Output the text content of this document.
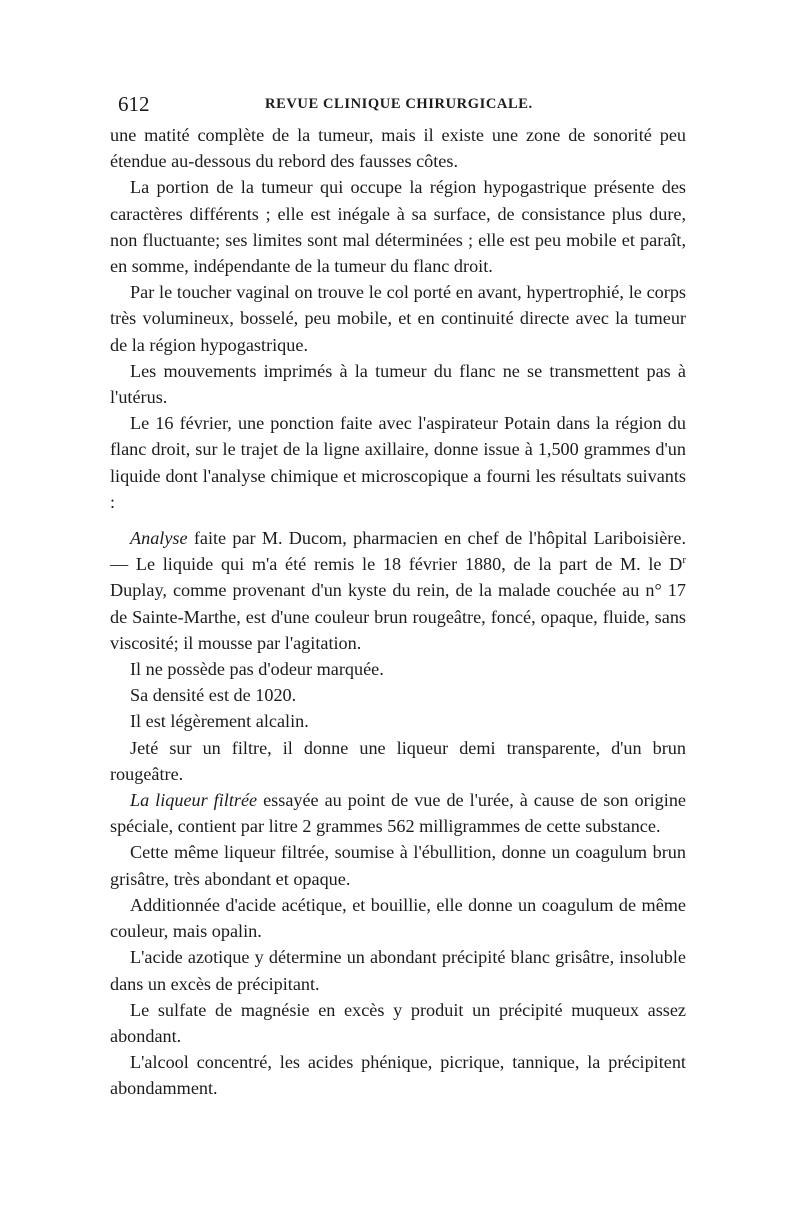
612	REVUE CLINIQUE CHIRURGICALE.

une matité complète de la tumeur, mais il existe une zone de sonorité peu étendue au-dessous du rebord des fausses côtes.

La portion de la tumeur qui occupe la région hypogastrique présente des caractères différents ; elle est inégale à sa surface, de consistance plus dure, non fluctuante; ses limites sont mal déterminées ; elle est peu mobile et paraît, en somme, indépendante de la tumeur du flanc droit.

Par le toucher vaginal on trouve le col porté en avant, hypertrophié, le corps très volumineux, bosselé, peu mobile, et en continuité directe avec la tumeur de la région hypogastrique.

Les mouvements imprimés à la tumeur du flanc ne se transmettent pas à l'utérus.

Le 16 février, une ponction faite avec l'aspirateur Potain dans la région du flanc droit, sur le trajet de la ligne axillaire, donne issue à 1,500 grammes d'un liquide dont l'analyse chimique et microscopique a fourni les résultats suivants :

Analyse faite par M. Ducom, pharmacien en chef de l'hôpital Lariboisière. — Le liquide qui m'a été remis le 18 février 1880, de la part de M. le $D^r$ Duplay, comme provenant d'un kyste du rein, de la malade couchée au n° 17 de Sainte-Marthe, est d'une couleur brun rougeâtre, foncé, opaque, fluide, sans viscosité; il mousse par l'agitation.

Il ne possède pas d'odeur marquée.

Sa densité est de 1020.

Il est légèrement alcalin.

Jeté sur un filtre, il donne une liqueur demi transparente, d'un brun rougeâtre.

La liqueur filtrée essayée au point de vue de l'urée, à cause de son origine spéciale, contient par litre 2 grammes 562 milligrammes de cette substance.

Cette même liqueur filtrée, soumise à l'ébullition, donne un coagulum brun grisâtre, très abondant et opaque.

Additionnée d'acide acétique, et bouillie, elle donne un coagulum de même couleur, mais opalin.

L'acide azotique y détermine un abondant précipité blanc grisâtre, insoluble dans un excès de précipitant.

Le sulfate de magnésie en excès y produit un précipité muqueux assez abondant.

L'alcool concentré, les acides phénique, picrique, tannique, la précipitent abondamment.
